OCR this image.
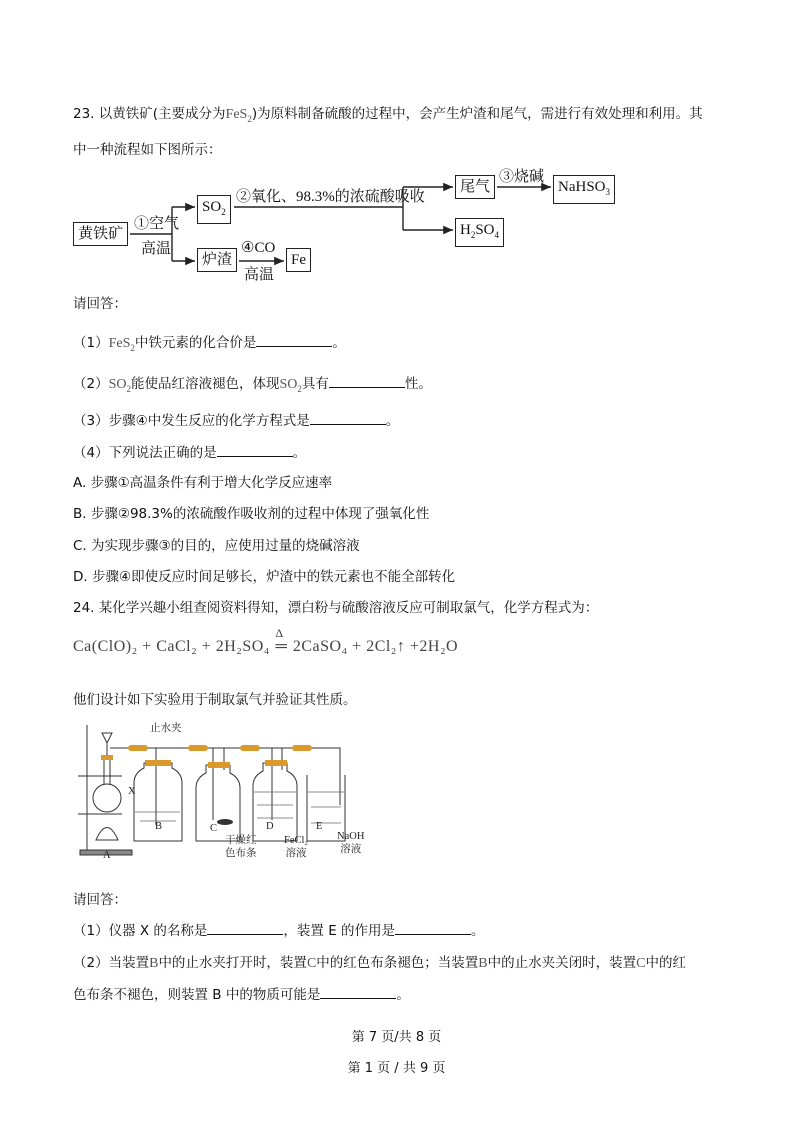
23. 以黄铁矿(主要成分为FeS$_2$)为原料制备硫酸的过程中，会产生炉渣和尾气，需进行有效处理和利用。其
中一种流程如下图所示：
黄铁矿
①空气
高温
$SO_2$
②氧化、98.3%的浓硫酸吸收
尾气
③烧碱
NaHSO$_3$
$H_2SO_4$
炉渣
④CO
高温
Fe
请回答：
（1）FeS$_2$中铁元素的化合价是	。
$(2)SO_2$能使品红溶液褪色，体现$SO_2$具有	性。
（3）步骤④中发生反应的化学方程式是	。
（4）下列说法正确的是	。
A. 步骤①高温条件有利于增大化学反应速率
B. 步骤②98.3%的浓硫酸作吸收剂的过程中体现了强氧化性
C. 为实现步骤③的目的，应使用过量的烧碱溶液
D. 步骤④即使反应时间足够长，炉渣中的铁元素也不能全部转化
24. 某化学兴趣小组查阅资料得知，漂白粉与硫酸溶液反应可制取氯气，化学方程式为：
Ca(ClO)₂ + CaCl₂ + 2H₂SO₄
Δ
═ 2CaSO₄ + 2Cl₂↑ +2H₂O
他们设计如下实验用于制取氯气并验证其性质。
止水夹
X
A
B	C	D	E
干燥红
色布条
FeCl₂
溶液
NaOH
溶液
请回答：
（1）仪器 X 的名称是	，装置 E 的作用是	。
（2）当装置B中的止水夹打开时，装置C中的红色布条褪色；当装置B中的止水夹关闭时，装置C中的红
色布条不褪色，则装置 B 中的物质可能是	。
第 7 页/共 8 页
第 1 页 / 共 9 页
